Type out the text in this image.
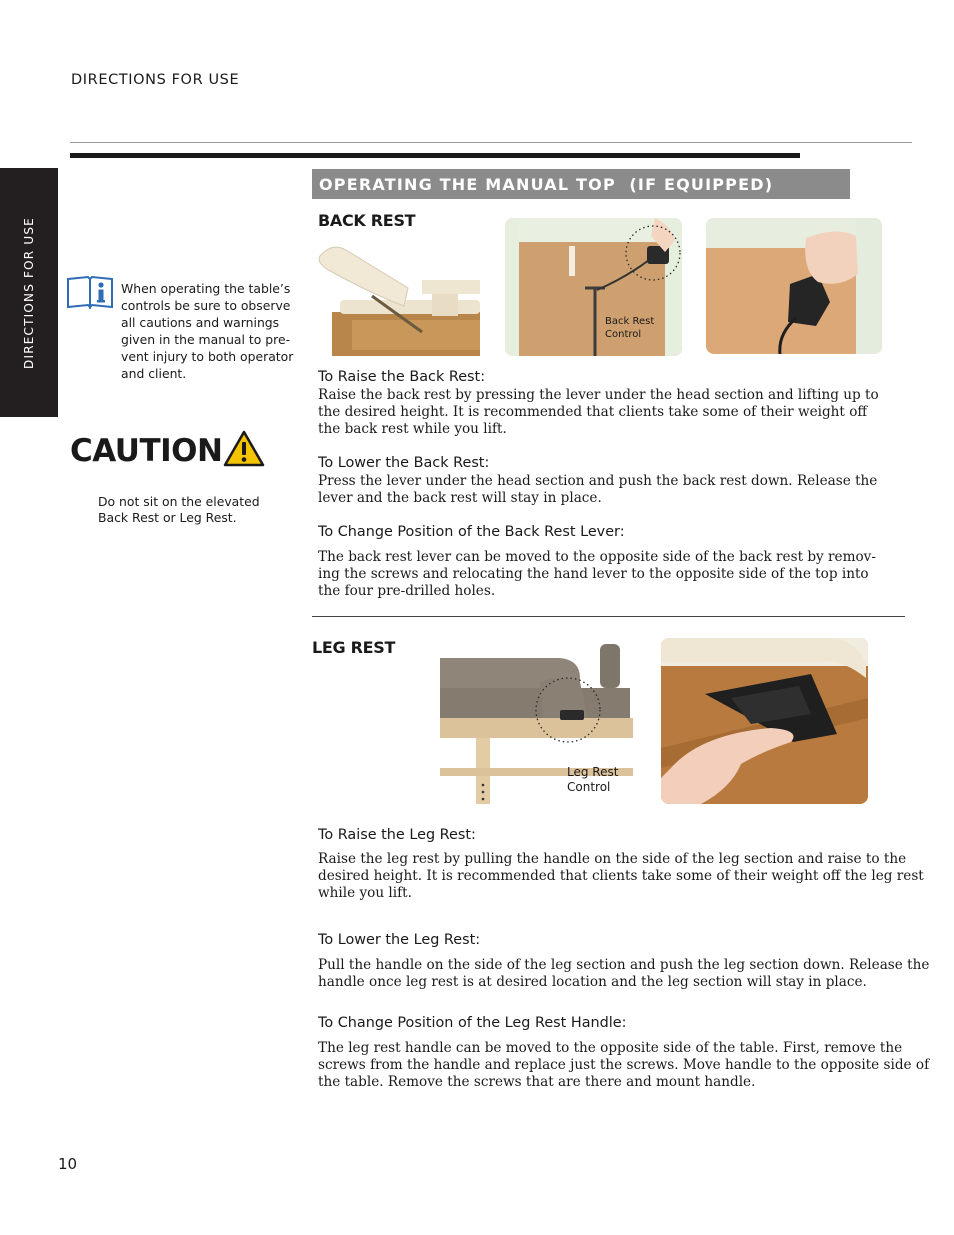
DIRECTIONS FOR USE
DIRECTIONS FOR USE	When operating the table’s
controls be sure to observe
all cautions and warnings
given in the manual to pre-
vent injury to both operator
and client.
CAUTION
Do not sit on the elevated
Back Rest or Leg Rest.
OPERATING THE MANUAL TOP  (IF EQUIPPED)
BACK REST
Back Rest
Control
To Raise the Back Rest:
Raise the back rest by pressing the lever under the head section and lifting up to
the desired height. It is recommended that clients take some of their weight off
the back rest while you lift.
To Lower the Back Rest:
Press the lever under the head section and push the back rest down. Release the
lever and the back rest will stay in place.
To Change Position of the Back Rest Lever:
The back rest lever can be moved to the opposite side of the back rest by remov-
ing the screws and relocating the hand lever to the opposite side of the top into
the four pre-drilled holes.
LEG REST
Leg Rest
Control
To Raise the Leg Rest:
Raise the leg rest by pulling the handle on the side of the leg section and raise to the
desired height. It is recommended that clients take some of their weight off the leg rest
while you lift.
To Lower the Leg Rest:
Pull the handle on the side of the leg section and push the leg section down. Release the
handle once leg rest is at desired location and the leg section will stay in place.
To Change Position of the Leg Rest Handle:
The leg rest handle can be moved to the opposite side of the table. First, remove the
screws from the handle and replace just the screws. Move handle to the opposite side of
the table. Remove the screws that are there and mount handle.
10
